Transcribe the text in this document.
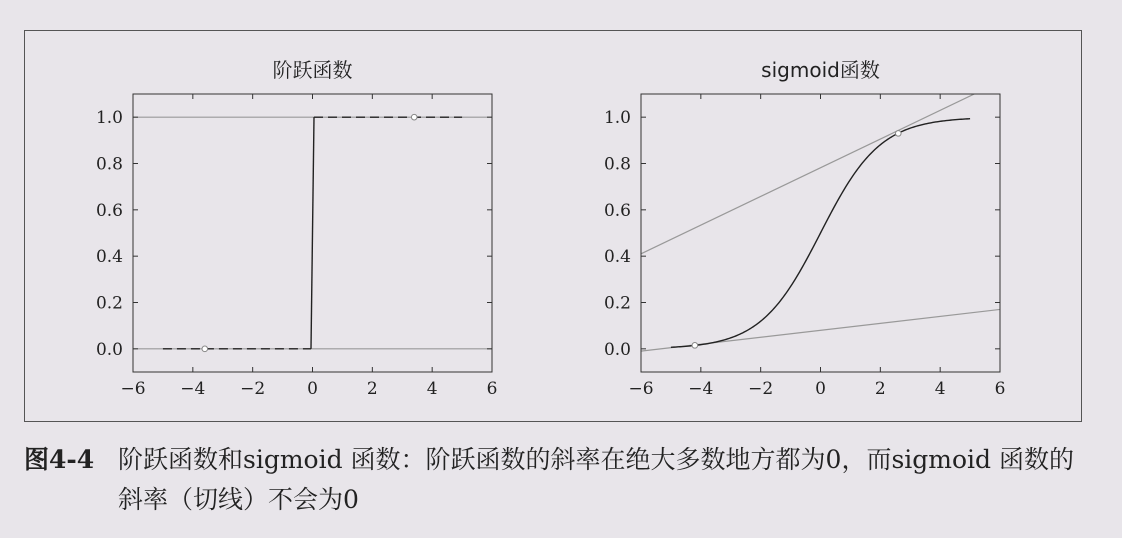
阶跃函数
−6 −4 −2 0	2	4	6
0.0
0.2
0.4
0.6
0.8
1.0
sigmoid函数
−6 −4 −2 0	2	4	6
0.0
0.2
0.4
0.6
0.8
1.0
图4-4 阶跃函数和sigmoid 函数：阶跃函数的斜率在绝大多数地方都为0，而sigmoid 函数的斜率（切线）不会为0
